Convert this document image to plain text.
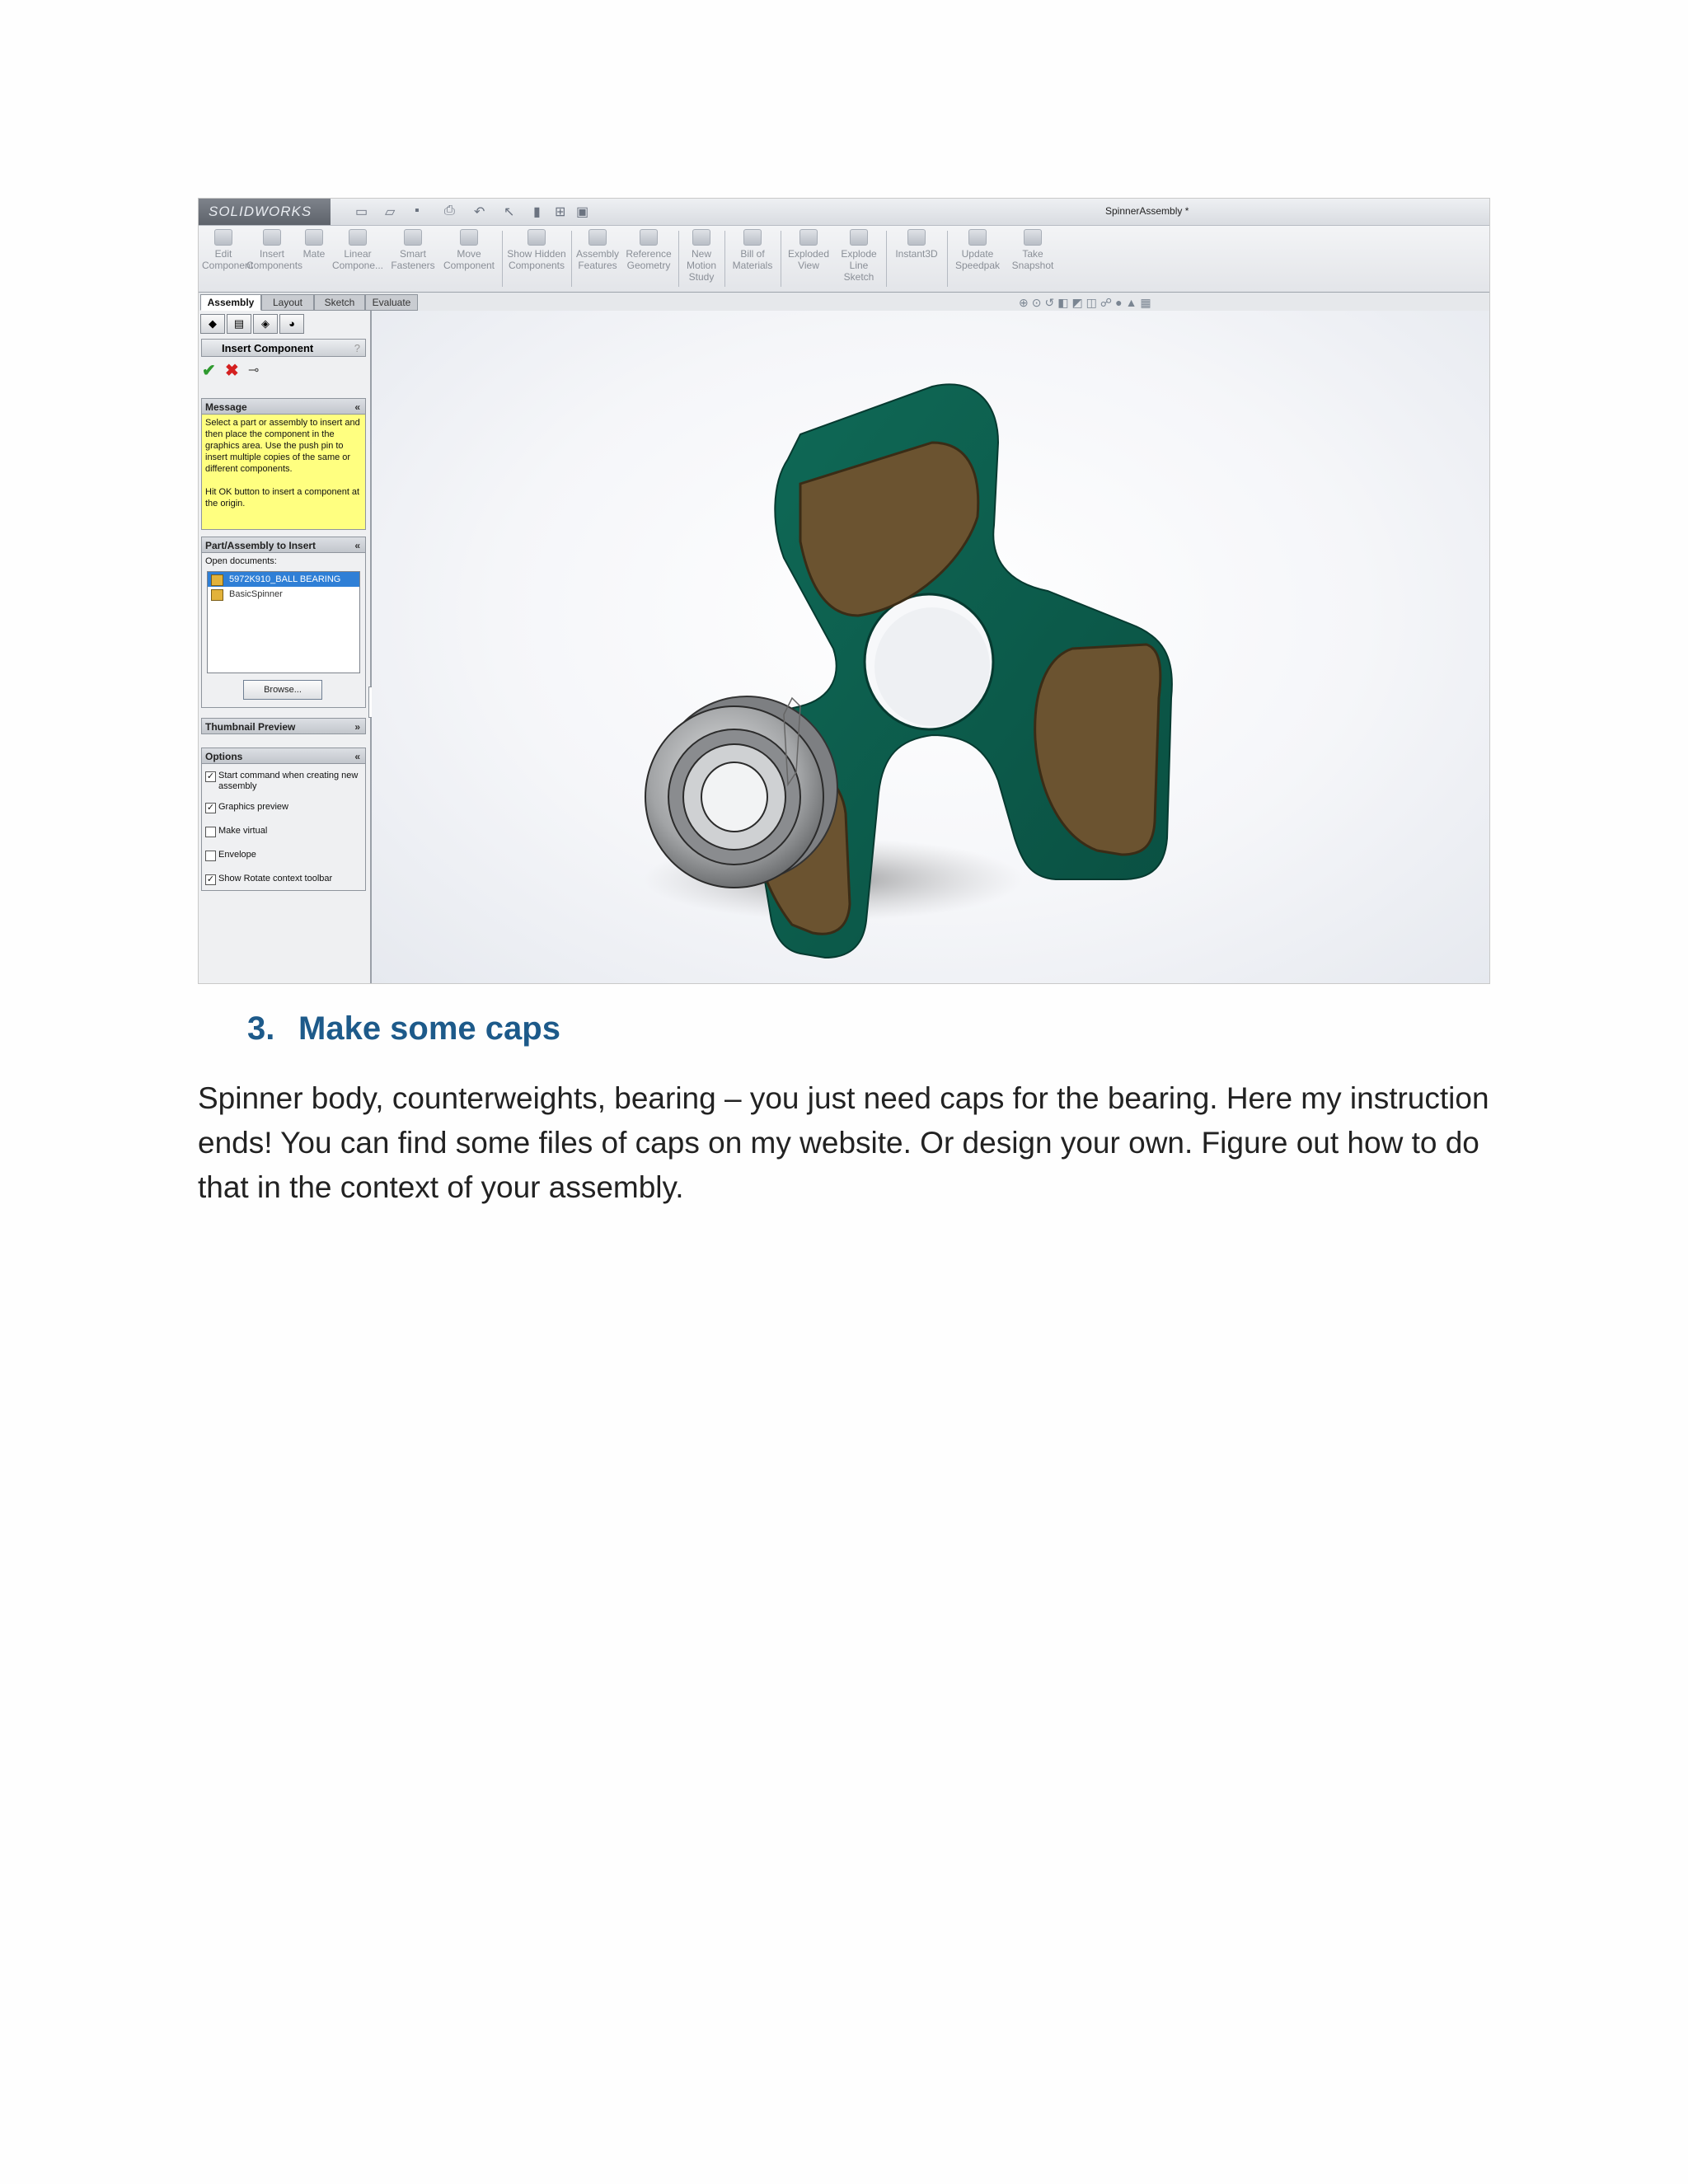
SOLIDWORKS	▭ ▱ ▪ ⎙ ↶ ↖ ▮ ⊞ ▣	SpinnerAssembly *
Edit Component
Insert Components
Mate	Linear Compone...
Smart Fasteners
Move Component
Show Hidden Components
Assembly Features
Reference Geometry
New Motion Study
Bill of Materials
Exploded View
Explode Line Sketch
Instant3D	Update Speedpak
Take Snapshot
Assembly	Layout	Sketch	Evaluate	⊕⊙↺◧◩◫☍●▲▦
◆ ▤ ◈ ◕
Insert Component	?
✔ ✖ ⊸
Message	«

Select a part or assembly to insert and then place the component in the graphics area. Use the push pin to insert multiple copies of the same or different components.

Hit OK button to insert a component at the origin.

Part/Assembly to Insert	«
Open documents:
5972K910_BALL BEARING
BasicSpinner
Browse...
Thumbnail Preview	»
Options	«
✓ Start command when creating new assembly
✓ Graphics preview
Make virtual
Envelope
✓ Show Rotate context toolbar
3. Make some caps
Spinner body, counterweights, bearing – you just need caps for the bearing. Here my instruction ends! You can find some files of caps on my website. Or design your own. Figure out how to do that in the context of your assembly.
